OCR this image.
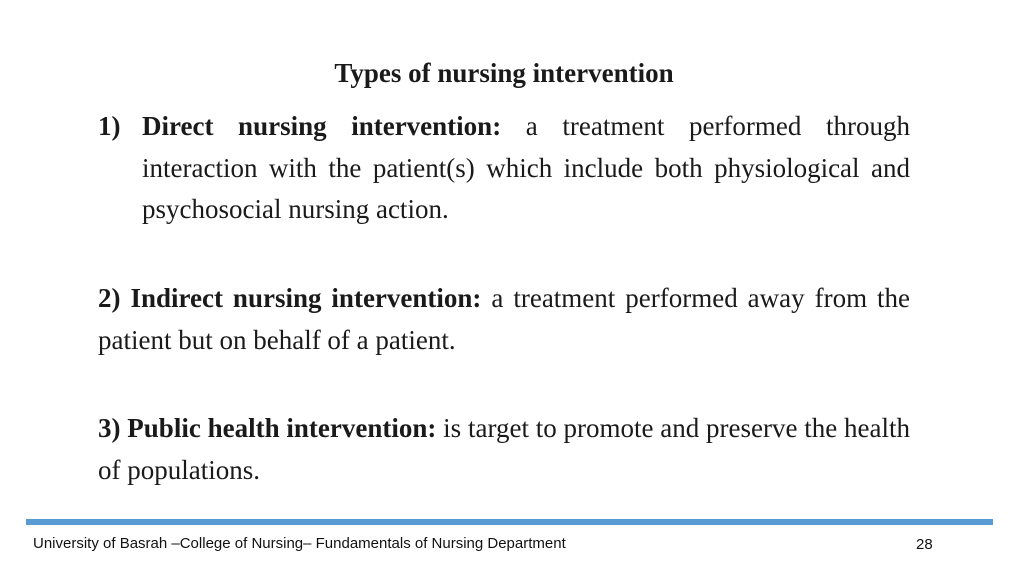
Types of nursing intervention
1) Direct nursing intervention: a treatment performed through interaction with the patient(s) which include both physiological and psychosocial nursing action.
2) Indirect nursing intervention: a treatment performed away from the patient but on behalf of a patient.
3) Public health intervention: is target to promote and preserve the health of populations.
University of Basrah –College of Nursing– Fundamentals of Nursing Department	28
